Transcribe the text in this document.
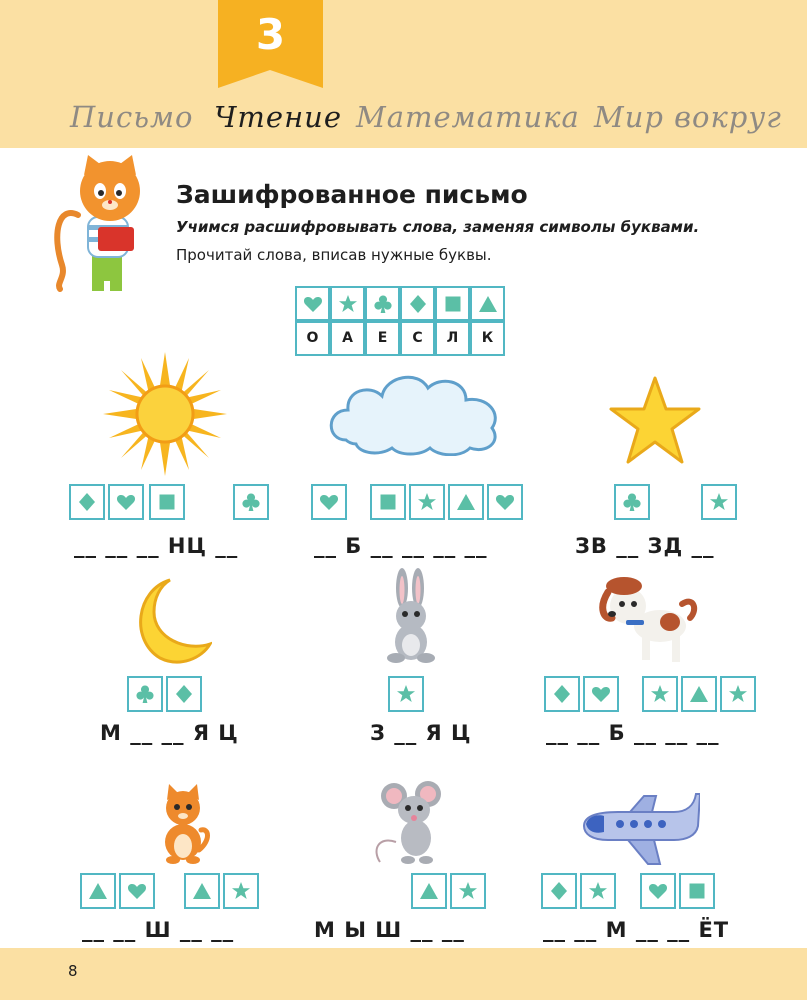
3
Письмо Чтение Математика Мир вокруг
Зашифрованное письмо
Учимся расшифровывать слова, заменяя символы буквами.
Прочитай слова, вписав нужные буквы.
О	А	Е	С	Л	К
__ __ __ НЦ __	__ Б __ __ __ __	ЗВ __ ЗД __
М __ __ Я Ц	З __ Я Ц	__ __ Б __ __ __
__ __ Ш __ __	М Ы Ш __ __	__ __ М __ __ ЁТ
8
